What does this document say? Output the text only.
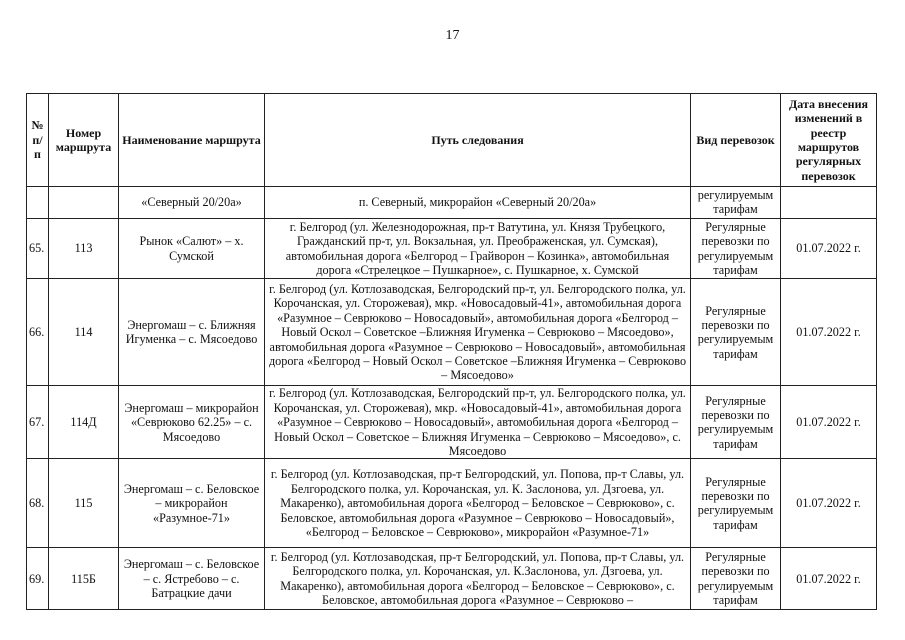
17
№ п/п	Номер маршрута	Наименование маршрута	Путь следования	Вид перевозок	Дата внесения изменений в реестр маршрутов регулярных перевозок
		«Северный 20/20а»	п. Северный, микрорайон «Северный 20/20а»	регулируемым тарифам	
65.	113	Рынок «Салют» – х. Сумской	г. Белгород (ул. Железнодорожная, пр-т Ватутина, ул. Князя Трубецкого, Гражданский пр-т, ул. Вокзальная, ул. Преображенская, ул. Сумская), автомобильная дорога «Белгород – Грайворон – Козинка», автомобильная дорога «Стрелецкое – Пушкарное», с. Пушкарное, х. Сумской	Регулярные перевозки по регулируемым тарифам	01.07.2022 г.
66.	114	Энергомаш – с. Ближняя Игуменка – с. Мясоедово	г. Белгород (ул. Котлозаводская, Белгородский пр-т, ул. Белгородского полка, ул. Корочанская, ул. Сторожевая), мкр. «Новосадовый-41», автомобильная дорога «Разумное – Севрюково – Новосадовый», автомобильная дорога «Белгород – Новый Оскол – Советское –Ближняя Игуменка – Севрюково – Мясоедово», автомобильная дорога «Разумное – Севрюково – Новосадовый», автомобильная дорога «Белгород – Новый Оскол – Советское –Ближняя Игуменка – Севрюково – Мясоедово»	Регулярные перевозки по регулируемым тарифам	01.07.2022 г.
67.	114Д	Энергомаш – микрорайон «Севрюково 62.25» – с. Мясоедово	г. Белгород (ул. Котлозаводская, Белгородский пр-т, ул. Белгородского полка, ул. Корочанская, ул. Сторожевая), мкр. «Новосадовый-41», автомобильная дорога «Разумное – Севрюково – Новосадовый», автомобильная дорога «Белгород – Новый Оскол – Советское – Ближняя Игуменка – Севрюково – Мясоедово», с. Мясоедово	Регулярные перевозки по регулируемым тарифам	01.07.2022 г.
68.	115	Энергомаш – с. Беловское – микрорайон «Разумное-71»	г. Белгород (ул. Котлозаводская, пр-т Белгородский, ул. Попова, пр-т Славы, ул. Белгородского полка, ул. Корочанская, ул. К. Заслонова, ул. Дзгоева, ул. Макаренко), автомобильная дорога «Белгород – Беловское – Севрюково», с. Беловское, автомобильная дорога «Разумное – Севрюково – Новосадовый», «Белгород – Беловское – Севрюково», микрорайон «Разумное-71»	Регулярные перевозки по регулируемым тарифам	01.07.2022 г.
69.	115Б	Энергомаш – с. Беловское – с. Ястребово – с. Батрацкие дачи	г. Белгород (ул. Котлозаводская, пр-т Белгородский, ул. Попова, пр-т Славы, ул. Белгородского полка, ул. Корочанская, ул. К.Заслонова, ул. Дзгоева, ул. Макаренко), автомобильная дорога «Белгород – Беловское – Севрюково», с. Беловское, автомобильная дорога «Разумное – Севрюково –	Регулярные перевозки по регулируемым тарифам	01.07.2022 г.
